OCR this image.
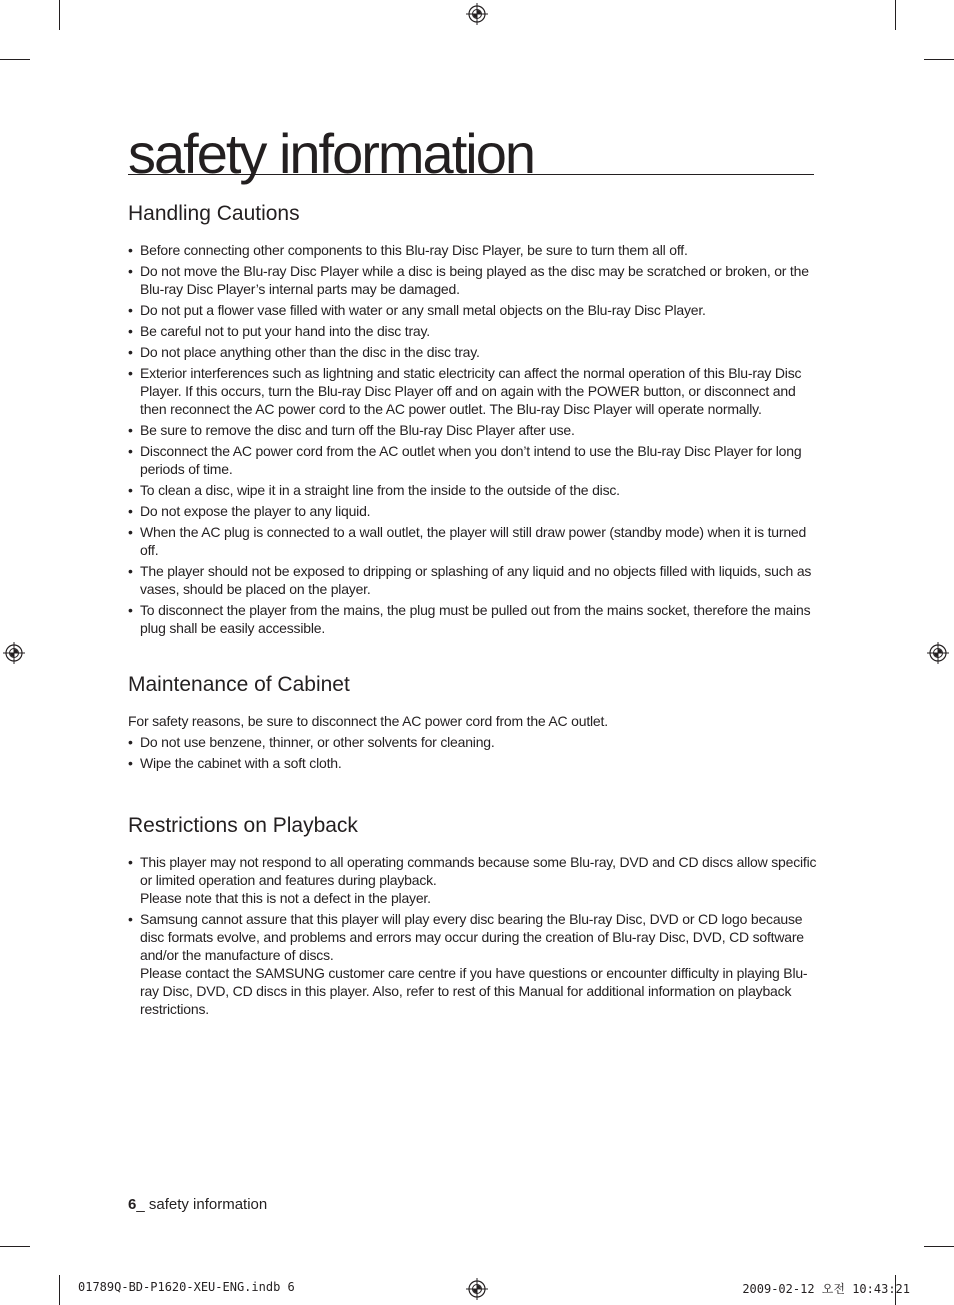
safety information
Handling Cautions
• Before connecting other components to this Blu-ray Disc Player, be sure to turn them all off.
• Do not move the Blu-ray Disc Player while a disc is being played as the disc may be scratched or broken, or the Blu-ray Disc Player’s internal parts may be damaged.
• Do not put a flower vase filled with water or any small metal objects on the Blu-ray Disc Player.
• Be careful not to put your hand into the disc tray.
• Do not place anything other than the disc in the disc tray.
• Exterior interferences such as lightning and static electricity can affect the normal operation of this Blu-ray Disc Player. If this occurs, turn the Blu-ray Disc Player off and on again with the POWER button, or disconnect and then reconnect the AC power cord to the AC power outlet. The Blu-ray Disc Player will operate normally.
• Be sure to remove the disc and turn off the Blu-ray Disc Player after use.
• Disconnect the AC power cord from the AC outlet when you don’t intend to use the Blu-ray Disc Player for long periods of time.
• To clean a disc, wipe it in a straight line from the inside to the outside of the disc.
• Do not expose the player to any liquid.
• When the AC plug is connected to a wall outlet, the player will still draw power (standby mode) when it is turned off.
• The player should not be exposed to dripping or splashing of any liquid and no objects filled with liquids, such as vases, should be placed on the player.
• To disconnect the player from the mains, the plug must be pulled out from the mains socket, therefore the mains plug shall be easily accessible.
Maintenance of Cabinet

For safety reasons, be sure to disconnect the AC power cord from the AC outlet.

• Do not use benzene, thinner, or other solvents for cleaning.
• Wipe the cabinet with a soft cloth.
Restrictions on Playback
• This player may not respond to all operating commands because some Blu-ray, DVD and CD discs allow specific or limited operation and features during playback.
Please note that this is not a defect in the player.
• Samsung cannot assure that this player will play every disc bearing the Blu-ray Disc, DVD or CD logo because disc formats evolve, and problems and errors may occur during the creation of Blu-ray Disc, DVD, CD software and/or the manufacture of discs.
Please contact the SAMSUNG customer care centre if you have questions or encounter difficulty in playing Blu-ray Disc, DVD, CD discs in this player. Also, refer to rest of this Manual for additional information on playback restrictions.
6_ safety information
01789Q-BD-P1620-XEU-ENG.indb 6	2009-02-12 오전 10:43:21
